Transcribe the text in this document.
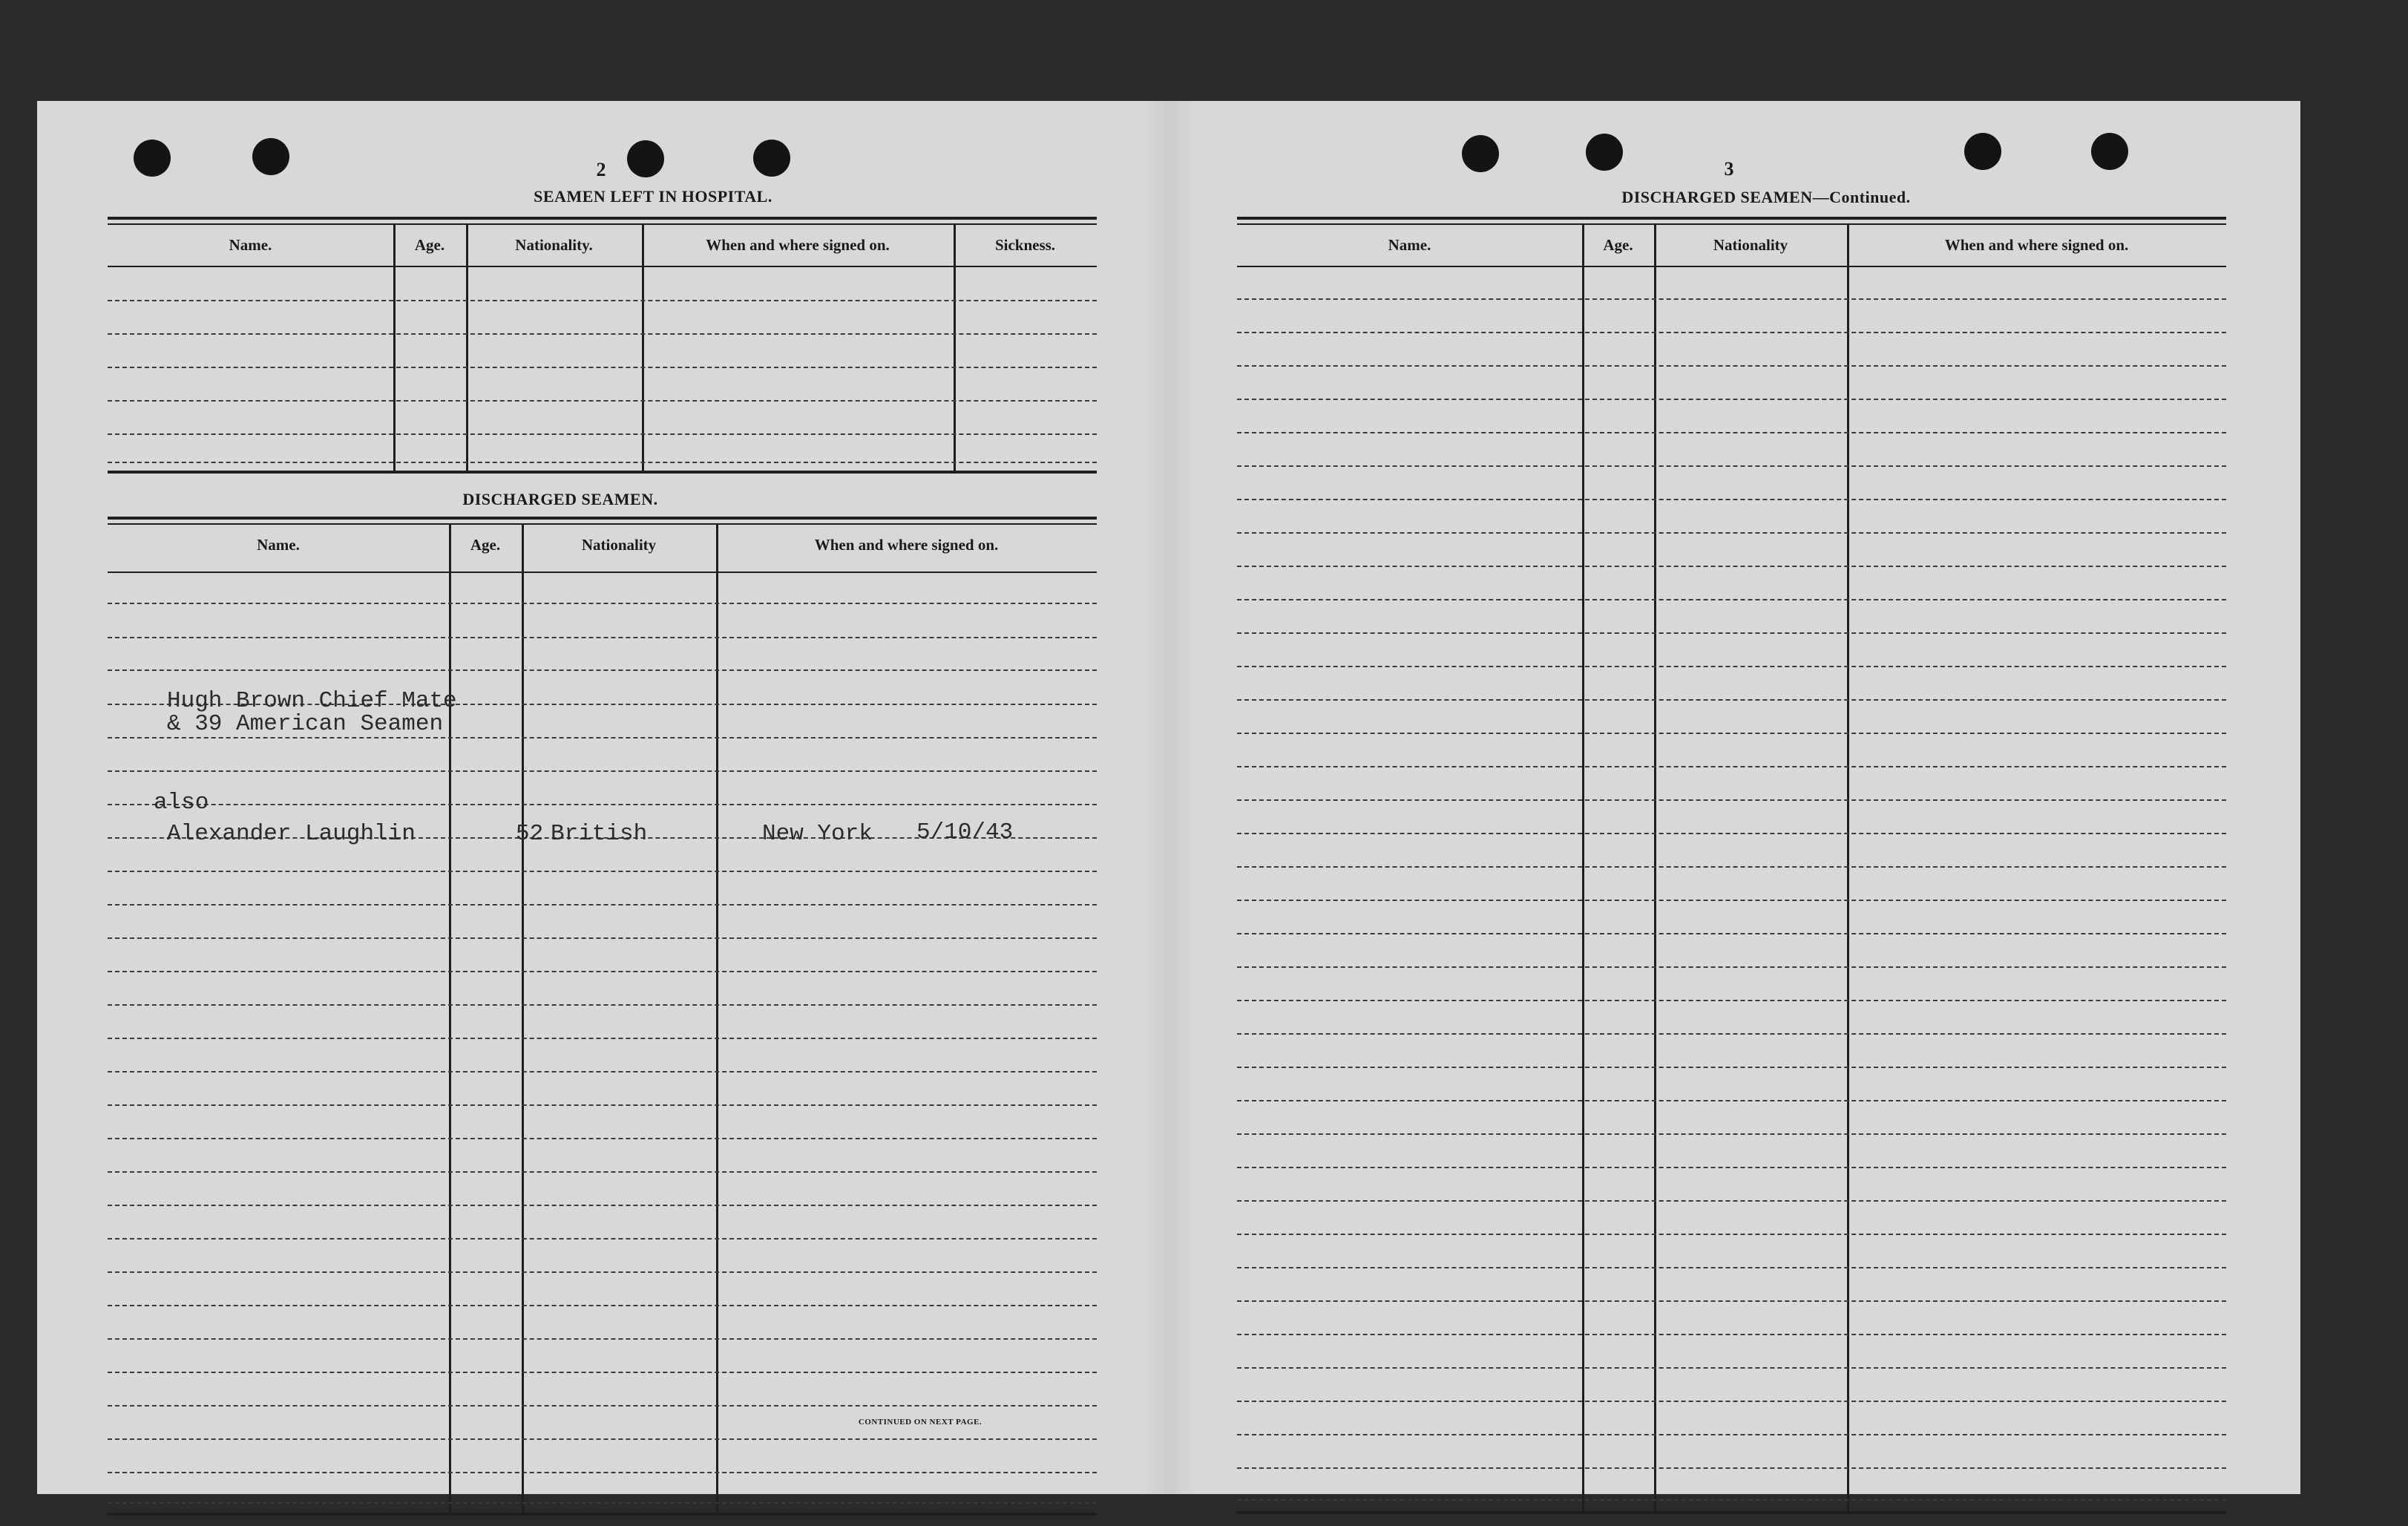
2
SEAMEN LEFT IN HOSPITAL.
Name.	Age.	Nationality.	When and where signed on.	Sickness.
DISCHARGED SEAMEN.
Name.	Age.	Nationality	When and where signed on.
Hugh Brown Chief Mate
& 39 American Seamen
also
Alexander Laughlin	52 British	New York 5/10/43
CONTINUED ON NEXT PAGE.
3
DISCHARGED SEAMEN—Continued.
Name.	Age.	Nationality	When and where signed on.
